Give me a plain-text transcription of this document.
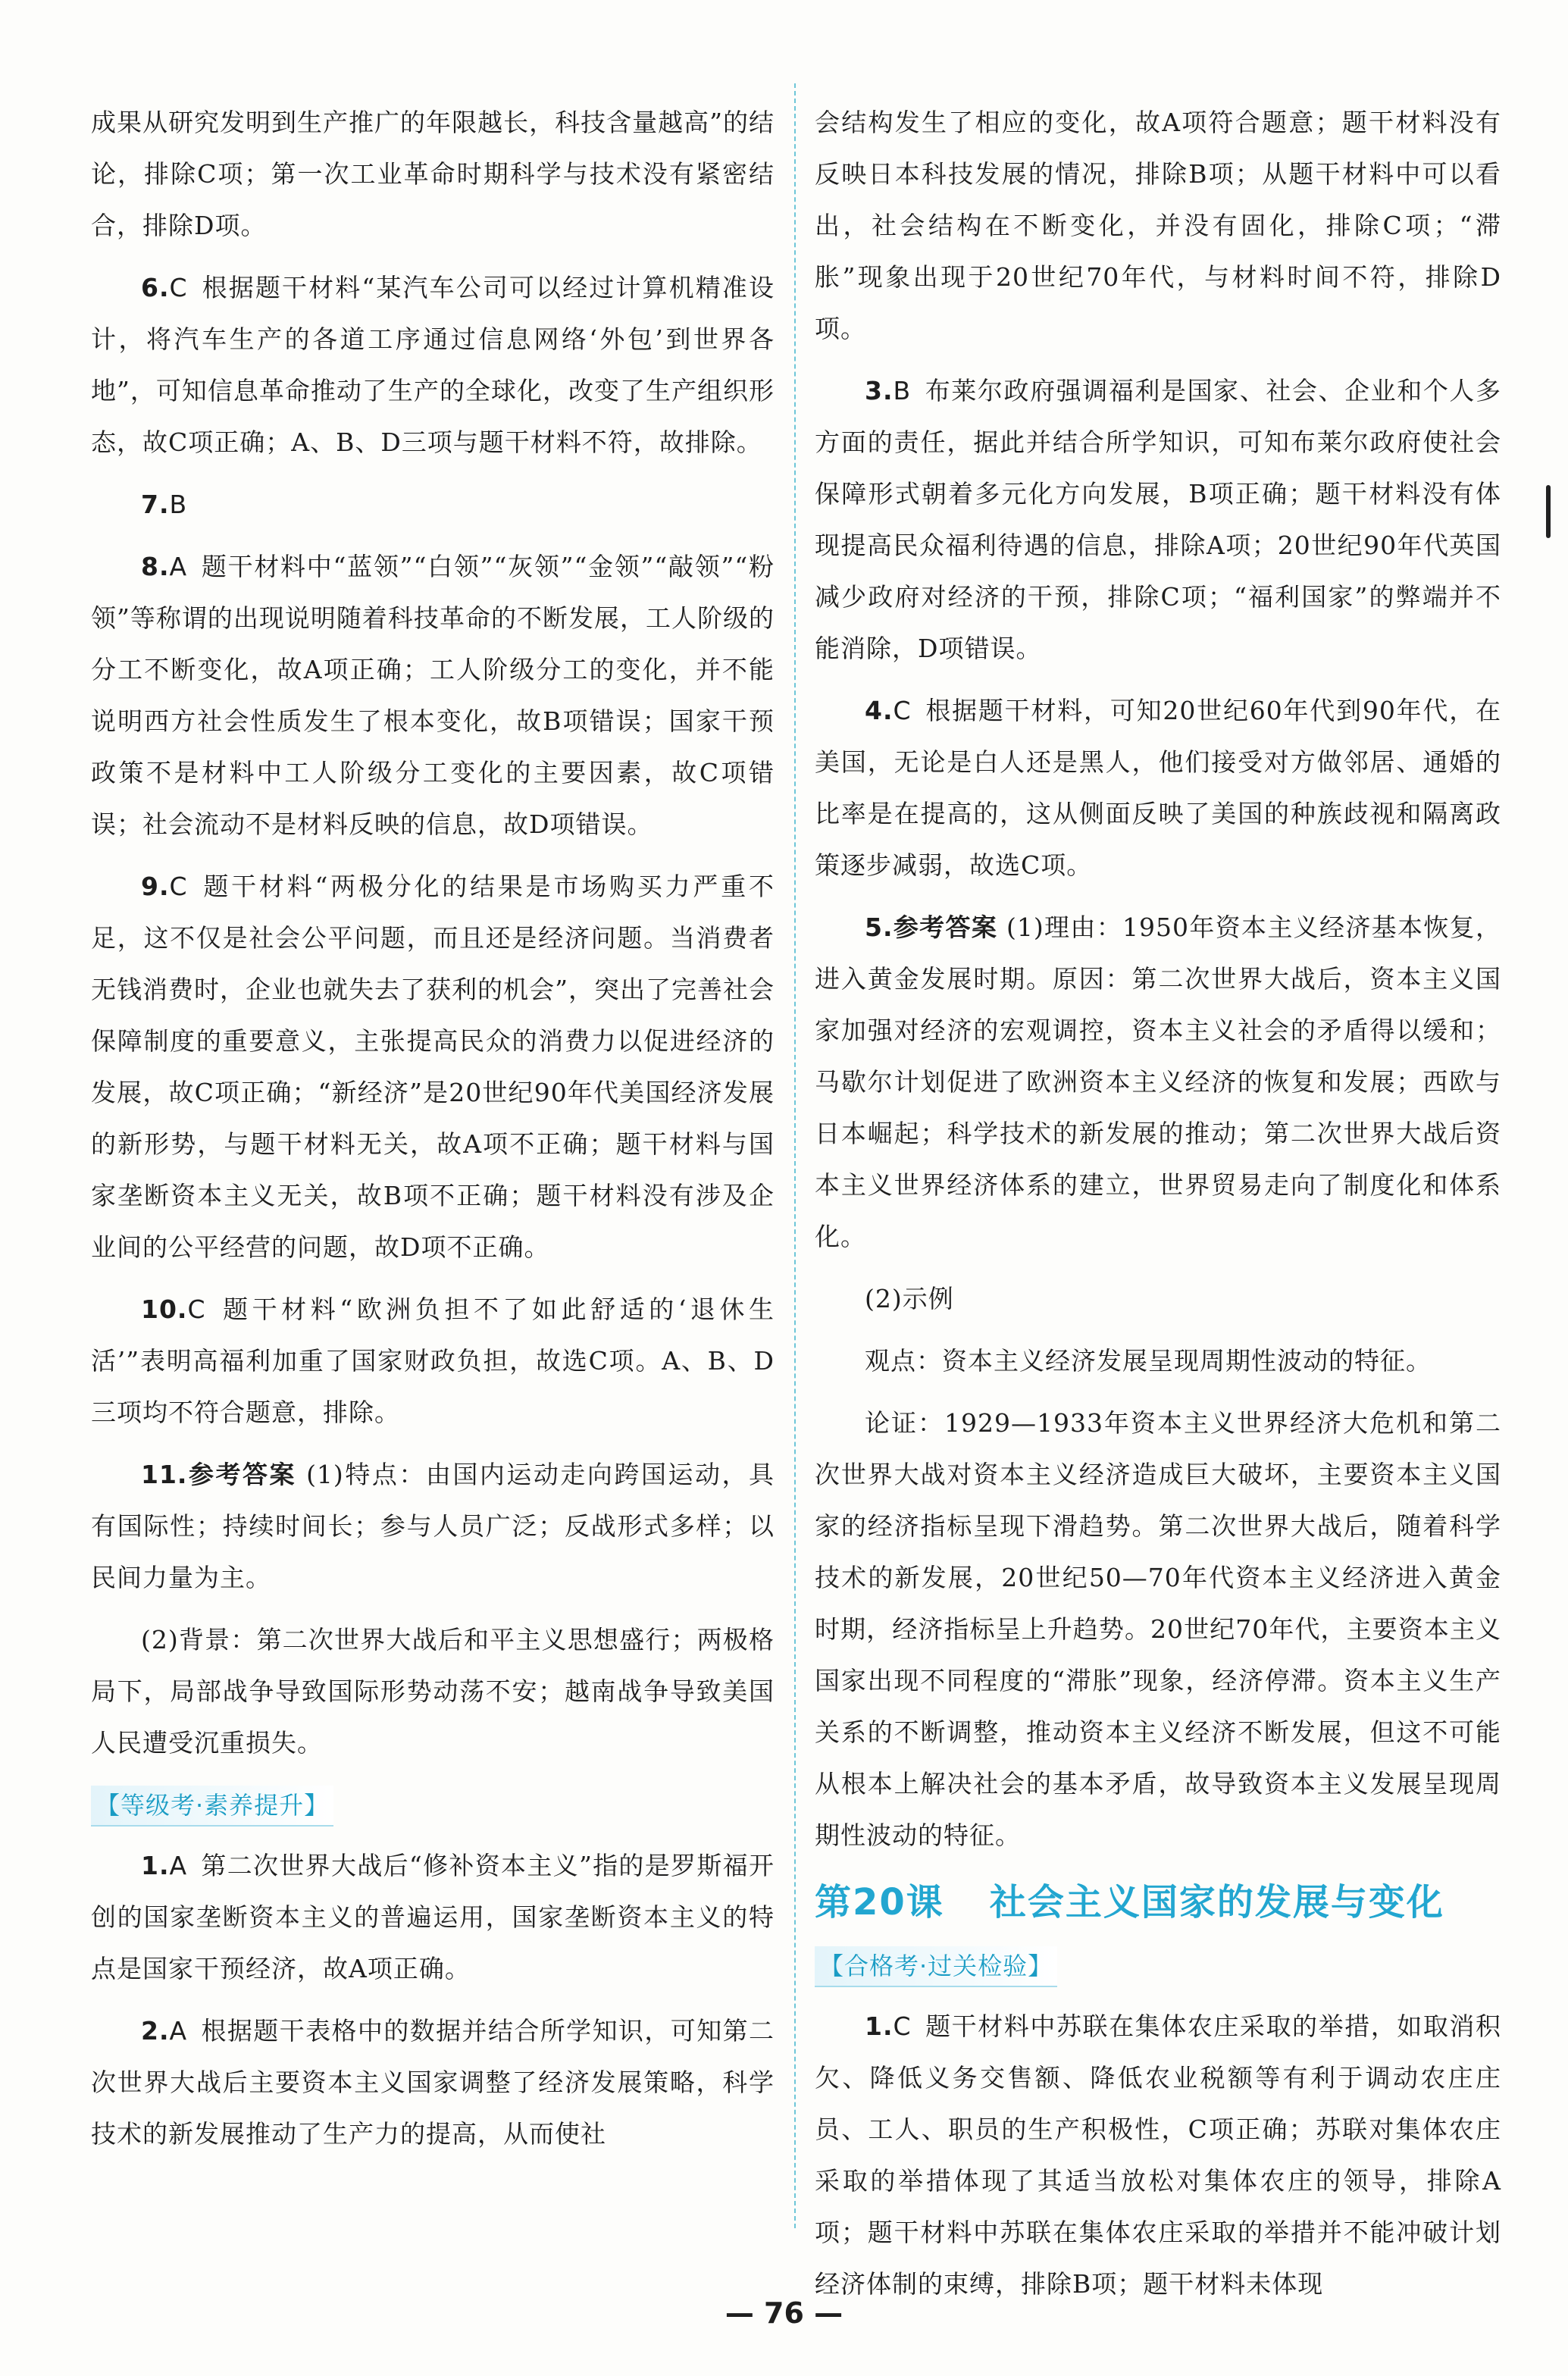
成果从研究发明到生产推广的年限越长，科技含量越高”的结论，排除C项；第一次工业革命时期科学与技术没有紧密结合，排除D项。

6.C 根据题干材料“某汽车公司可以经过计算机精准设计，将汽车生产的各道工序通过信息网络‘外包’到世界各地”，可知信息革命推动了生产的全球化，改变了生产组织形态，故C项正确；A、B、D三项与题干材料不符，故排除。

7.B

8.A 题干材料中“蓝领”“白领”“灰领”“金领”“敲领”“粉领”等称谓的出现说明随着科技革命的不断发展，工人阶级的分工不断变化，故A项正确；工人阶级分工的变化，并不能说明西方社会性质发生了根本变化，故B项错误；国家干预政策不是材料中工人阶级分工变化的主要因素，故C项错误；社会流动不是材料反映的信息，故D项错误。

9.C 题干材料“两极分化的结果是市场购买力严重不足，这不仅是社会公平问题，而且还是经济问题。当消费者无钱消费时，企业也就失去了获利的机会”，突出了完善社会保障制度的重要意义，主张提高民众的消费力以促进经济的发展，故C项正确；“新经济”是20世纪90年代美国经济发展的新形势，与题干材料无关，故A项不正确；题干材料与国家垄断资本主义无关，故B项不正确；题干材料没有涉及企业间的公平经营的问题，故D项不正确。

10.C 题干材料“欧洲负担不了如此舒适的‘退休生活’”表明高福利加重了国家财政负担，故选C项。A、B、D三项均不符合题意，排除。

11.参考答案 (1)特点：由国内运动走向跨国运动，具有国际性；持续时间长；参与人员广泛；反战形式多样；以民间力量为主。

(2)背景：第二次世界大战后和平主义思想盛行；两极格局下，局部战争导致国际形势动荡不安；越南战争导致美国人民遭受沉重损失。

【等级考·素养提升】

1.A 第二次世界大战后“修补资本主义”指的是罗斯福开创的国家垄断资本主义的普遍运用，国家垄断资本主义的特点是国家干预经济，故A项正确。

2.A 根据题干表格中的数据并结合所学知识，可知第二次世界大战后主要资本主义国家调整了经济发展策略，科学技术的新发展推动了生产力的提高，从而使社

会结构发生了相应的变化，故A项符合题意；题干材料没有反映日本科技发展的情况，排除B项；从题干材料中可以看出，社会结构在不断变化，并没有固化，排除C项；“滞胀”现象出现于20世纪70年代，与材料时间不符，排除D项。

3.B 布莱尔政府强调福利是国家、社会、企业和个人多方面的责任，据此并结合所学知识，可知布莱尔政府使社会保障形式朝着多元化方向发展，B项正确；题干材料没有体现提高民众福利待遇的信息，排除A项；20世纪90年代英国减少政府对经济的干预，排除C项；“福利国家”的弊端并不能消除，D项错误。

4.C 根据题干材料，可知20世纪60年代到90年代，在美国，无论是白人还是黑人，他们接受对方做邻居、通婚的比率是在提高的，这从侧面反映了美国的种族歧视和隔离政策逐步减弱，故选C项。

5.参考答案 (1)理由：1950年资本主义经济基本恢复，进入黄金发展时期。原因：第二次世界大战后，资本主义国家加强对经济的宏观调控，资本主义社会的矛盾得以缓和；马歇尔计划促进了欧洲资本主义经济的恢复和发展；西欧与日本崛起；科学技术的新发展的推动；第二次世界大战后资本主义世界经济体系的建立，世界贸易走向了制度化和体系化。

(2)示例

观点：资本主义经济发展呈现周期性波动的特征。

论证：1929—1933年资本主义世界经济大危机和第二次世界大战对资本主义经济造成巨大破坏，主要资本主义国家的经济指标呈现下滑趋势。第二次世界大战后，随着科学技术的新发展，20世纪50—70年代资本主义经济进入黄金时期，经济指标呈上升趋势。20世纪70年代，主要资本主义国家出现不同程度的“滞胀”现象，经济停滞。资本主义生产关系的不断调整，推动资本主义经济不断发展，但这不可能从根本上解决社会的基本矛盾，故导致资本主义发展呈现周期性波动的特征。

第20课 社会主义国家的发展与变化
【合格考·过关检验】

1.C 题干材料中苏联在集体农庄采取的举措，如取消积欠、降低义务交售额、降低农业税额等有利于调动农庄庄员、工人、职员的生产积极性，C项正确；苏联对集体农庄采取的举措体现了其适当放松对集体农庄的领导，排除A项；题干材料中苏联在集体农庄采取的举措并不能冲破计划经济体制的束缚，排除B项；题干材料未体现

— 76 —
